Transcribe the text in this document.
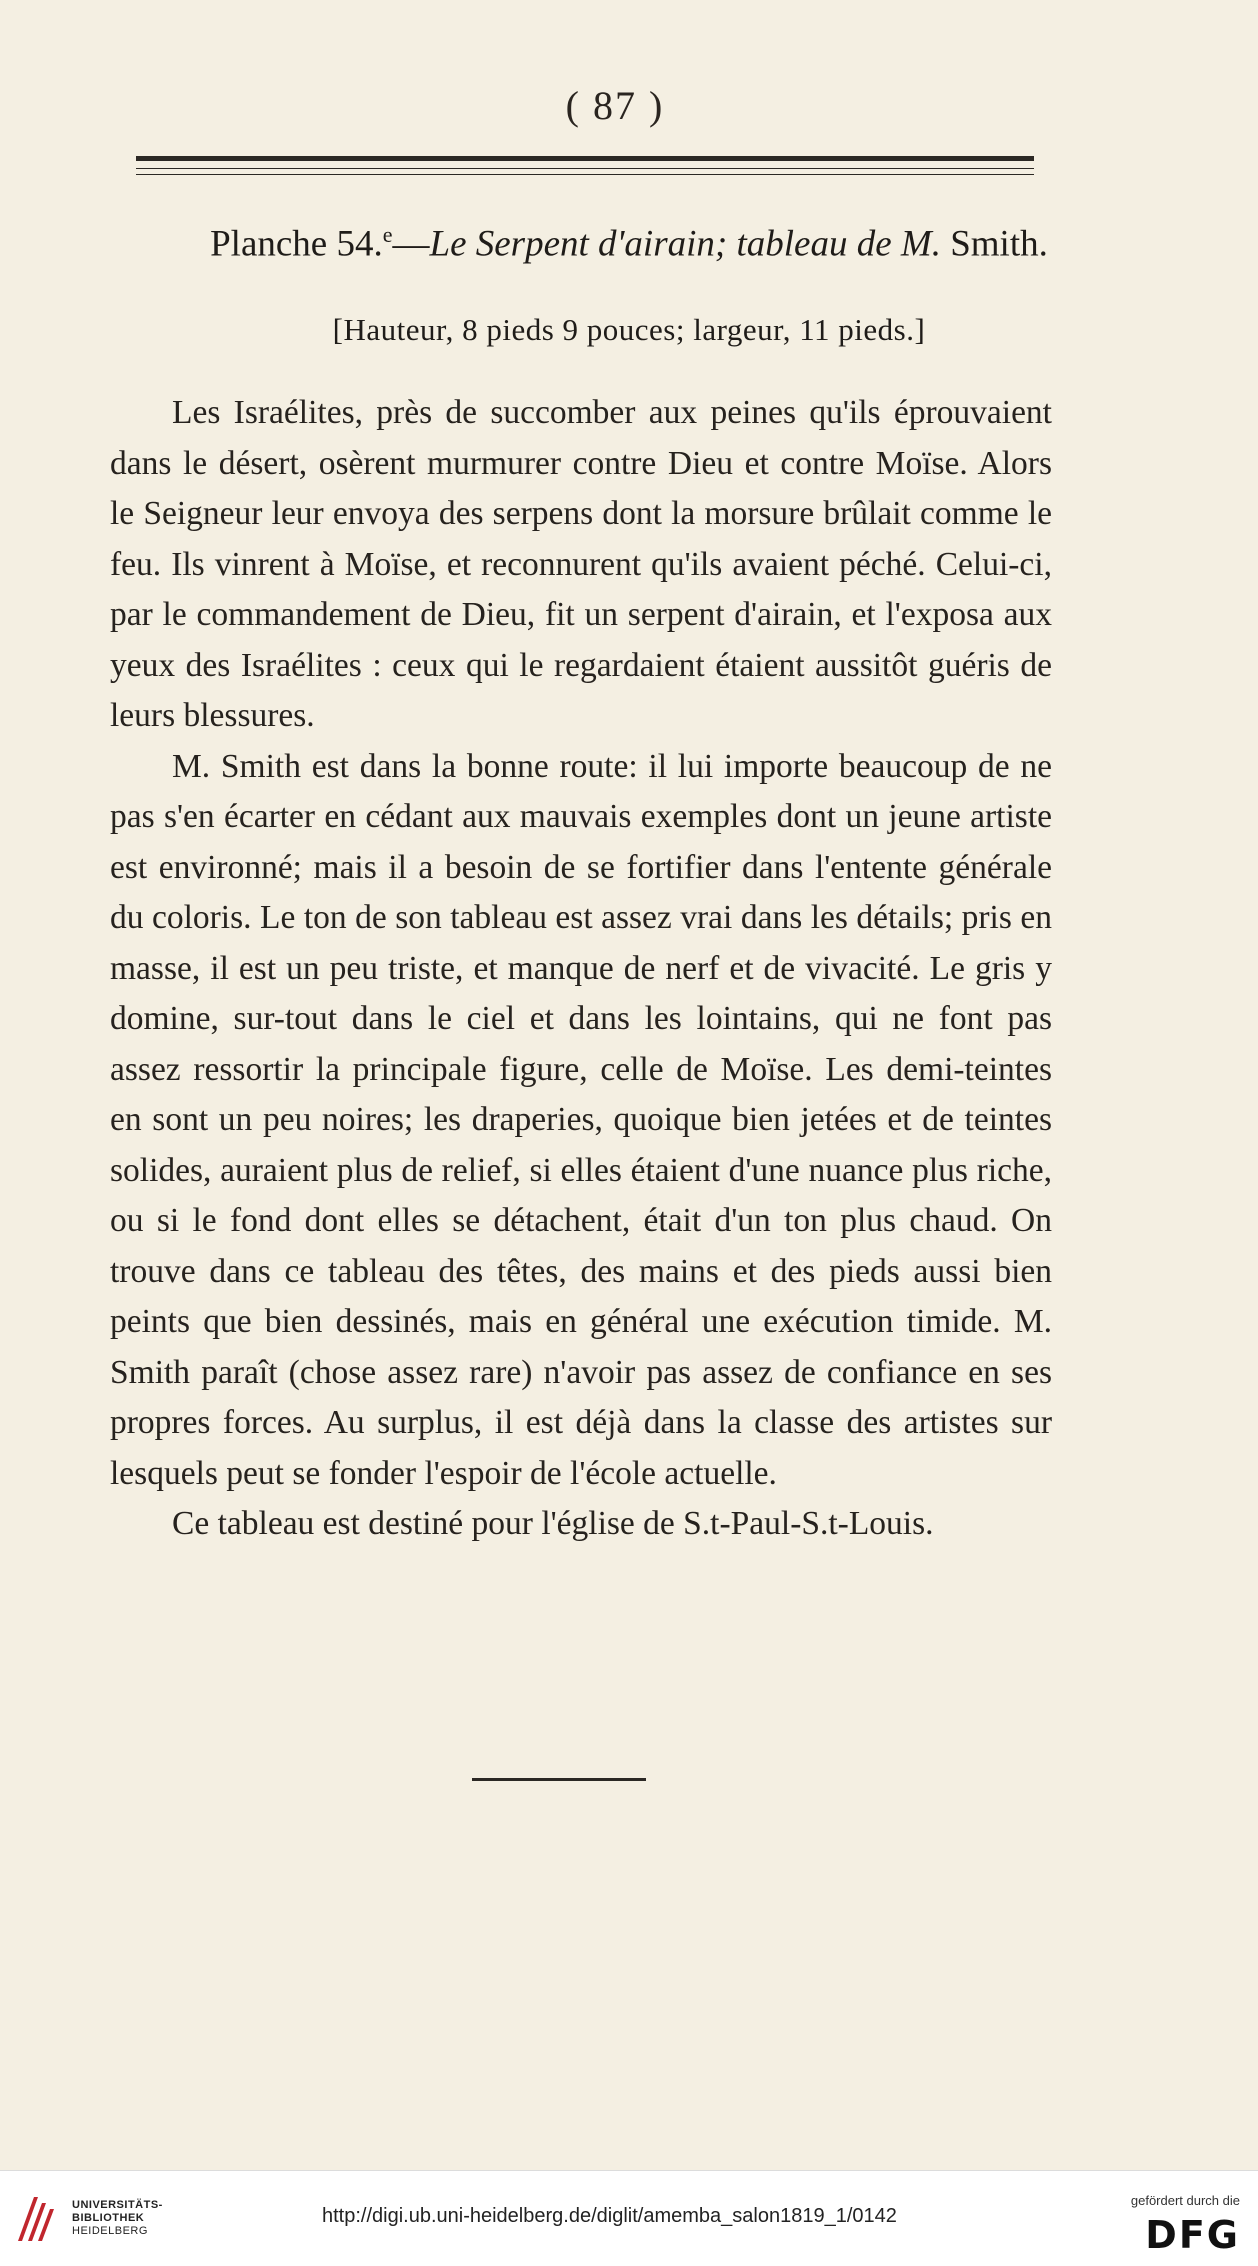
( 87 )
Planche 54.$^e$—Le Serpent d'airain; tableau de M. Smith.
[Hauteur, 8 pieds 9 pouces; largeur, 11 pieds.]

Les Israélites, près de succomber aux peines qu'ils éprouvaient dans le désert, osèrent murmurer contre Dieu et contre Moïse. Alors le Seigneur leur envoya des serpens dont la morsure brûlait comme le feu. Ils vinrent à Moïse, et reconnurent qu'ils avaient péché. Celui-ci, par le commandement de Dieu, fit un serpent d'airain, et l'exposa aux yeux des Israélites : ceux qui le regardaient étaient aussitôt guéris de leurs blessures.

M. Smith est dans la bonne route: il lui importe beaucoup de ne pas s'en écarter en cédant aux mauvais exemples dont un jeune artiste est environné; mais il a besoin de se fortifier dans l'entente générale du coloris. Le ton de son tableau est assez vrai dans les détails; pris en masse, il est un peu triste, et manque de nerf et de vivacité. Le gris y domine, sur-tout dans le ciel et dans les lointains, qui ne font pas assez ressortir la principale figure, celle de Moïse. Les demi-teintes en sont un peu noires; les draperies, quoique bien jetées et de teintes solides, auraient plus de relief, si elles étaient d'une nuance plus riche, ou si le fond dont elles se détachent, était d'un ton plus chaud. On trouve dans ce tableau des têtes, des mains et des pieds aussi bien peints que bien dessinés, mais en général une exécution timide. M. Smith paraît (chose assez rare) n'avoir pas assez de confiance en ses propres forces. Au surplus, il est déjà dans la classe des artistes sur lesquels peut se fonder l'espoir de l'école actuelle.

Ce tableau est destiné pour l'église de S.t-Paul-S.t-Louis.

UNIVERSITÄTS-
BIBLIOTHEK
HEIDELBERG
http://digi.ub.uni-heidelberg.de/diglit/amemba_salon1819_1/0142
gefördert durch die
DFG
